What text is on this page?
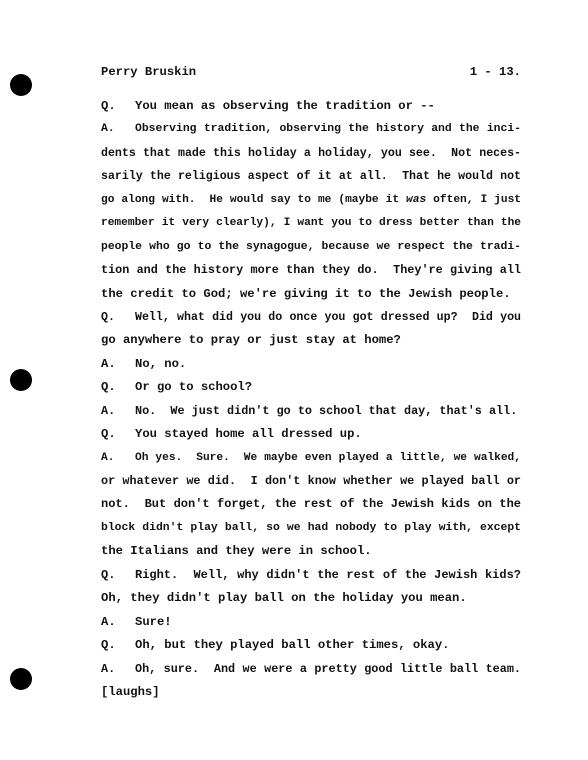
Perry Bruskin	1 - 13.
Q. You mean as observing the tradition or --
A. Observing tradition, observing the history and the inci-
dents that made this holiday a holiday, you see.  Not neces-
sarily the religious aspect of it at all.  That he would not
go along with.  He would say to me (maybe it was often, I just
remember it very clearly), I want you to dress better than the
people who go to the synagogue, because we respect the tradi-
tion and the history more than they do.  They're giving all
the credit to God; we're giving it to the Jewish people.
Q. Well, what did you do once you got dressed up?  Did you
go anywhere to pray or just stay at home?
A. No, no.
Q. Or go to school?
A. No.  We just didn't go to school that day, that's all.
Q. You stayed home all dressed up.
A. Oh yes.  Sure.  We maybe even played a little, we walked,
or whatever we did.  I don't know whether we played ball or
not.  But don't forget, the rest of the Jewish kids on the
block didn't play ball, so we had nobody to play with, except
the Italians and they were in school.
Q. Right.  Well, why didn't the rest of the Jewish kids?
Oh, they didn't play ball on the holiday you mean.
A. Sure!
Q. Oh, but they played ball other times, okay.
A. Oh, sure.  And we were a pretty good little ball team.
[laughs]
